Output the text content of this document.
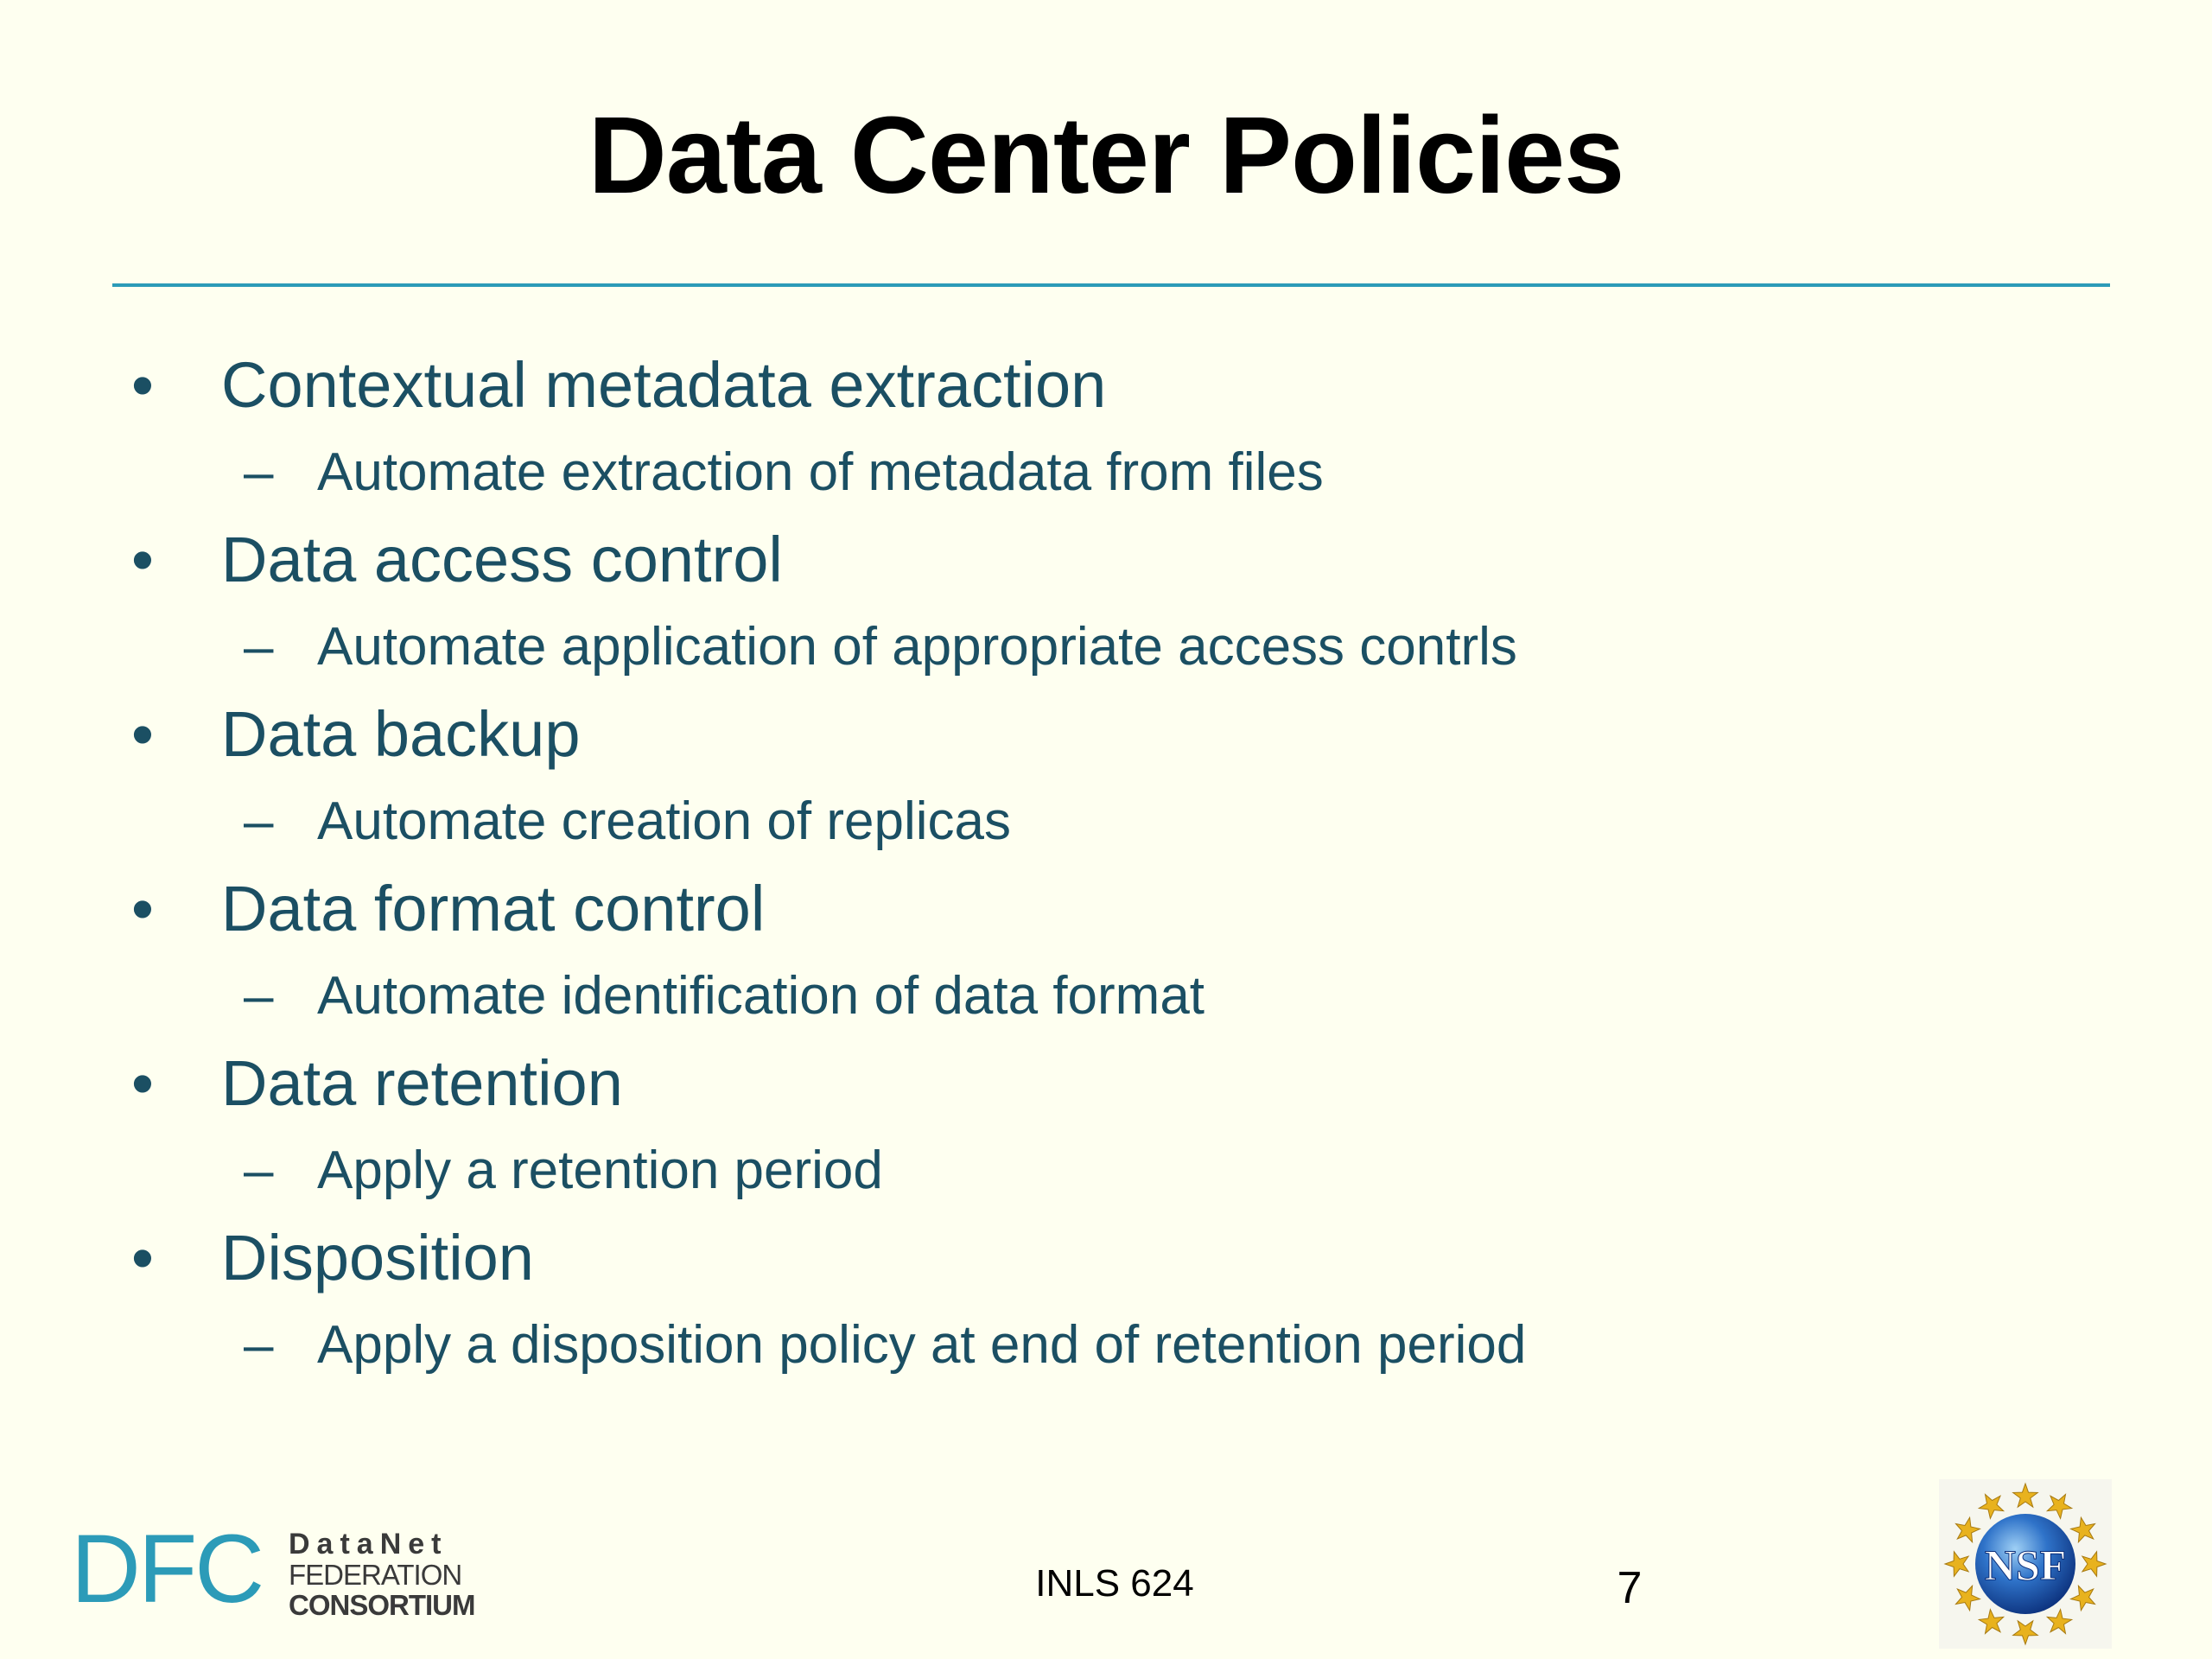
Data Center Policies
• Contextual metadata extraction
– Automate extraction of metadata from files
• Data access control
– Automate application of appropriate access contrls
• Data backup
– Automate creation of replicas
• Data format control
– Automate identification of data format
• Data retention
– Apply a retention period
• Disposition
– Apply a disposition policy at end of retention period
DFC DataNet
FEDERATION
CONSORTIUM
INLS 624	7	NSF
